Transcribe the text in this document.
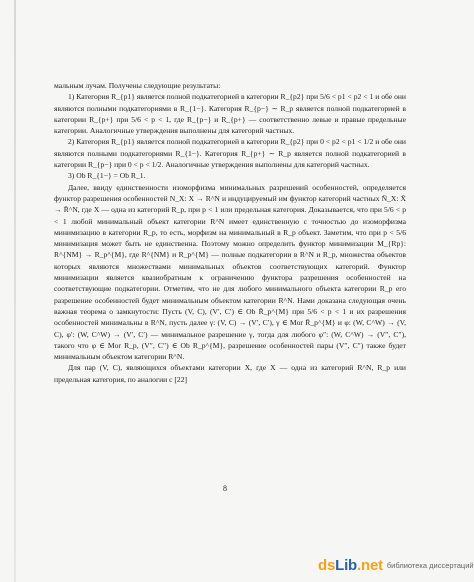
мальным лучам. Получены следующие результаты:

1) Категория R_{p1} является полной подкатегорией в категории R_{p2} при 5/6 < p1 < p2 < 1 и обе они являются полными подкатегориями в R_{1−}. Категория R_{p−} ∼ R_p является полной подкатегорией в категории R_{p+} при 5/6 < p < 1, где R_{p−} и R_{p+} — соответственно левые и правые предельные категории. Аналогичные утверждения выполнены для категорий частных.

2) Категория R_{p1} является полной подкатегорией в категории R_{p2} при 0 < p2 < p1 < 1/2 и обе они являются полными подкатегориями R_{1−}. Категория R_{p+} ∼ R_p является полной подкатегорией в категории R_{p−} при 0 < p < 1/2. Аналогичные утверждения выполнены для категорий частных.

3) Ob R_{1−} = Ob R_1.

Далее, ввиду единственности изоморфизма минимальных разрешений особенностей, определяется функтор разрешения особенностей N_X: X → R^N и индуцируемый им функтор категорий частных N̄_X: X̄ → R̄^N, где X — одна из категорий R_p, при p < 1 или предельная категория. Доказывается, что при 5/6 < p < 1 любой минимальный объект категории R^N имеет единственную с точностью до изоморфизма минимизацию в категории R_p, то есть, морфизм на минимальный в R_p объект. Заметим, что при p < 5/6 минимизация может быть не единственна. Поэтому можно определить функтор минимизации M_{Rp}: R^{NM} → R_p^{M}, где R^{NM} и R_p^{M} — полные подкатегории в R^N и R_p, множества объектов которых являются множествами минимальных объектов соответствующих категорий. Функтор минимизации является квазиобратным к ограничению функтора разрешения особенностей на соответствующие подкатегории. Отметим, что не для любого минимального объекта категории R_p его разрешение особенностей будет минимальным объектом категории R^N. Нами доказана следующая очень важная теорема о замкнутости: Пусть (V, C), (V′, C′) ∈ Ob R̄_p^{M} при 5/6 < p < 1 и их разрешения особенностей минимальны в R^N, пусть далее γ: (V, C) → (V′, C′), γ ∈ Mor R̄_p^{M} и φ: (W, C^W) → (V, C), φ′: (W, C^W) → (V′, C′) — минимальное разрешение γ, тогда для любого φ″: (W, C^W) → (V″, C″), такого что φ ∈ Mor R_p, (V″, C″) ∈ Ob R_p^{M}, разрешение особенностей пары (V″, C″) также будет минимальным объектом категории R^N.

Для пар (V, C), являющихся объектами категории X, где X — одна из категорий R^N, R_p или предельная категория, по аналогии с [22]

8
dsLib.net библиотека диссертаций
